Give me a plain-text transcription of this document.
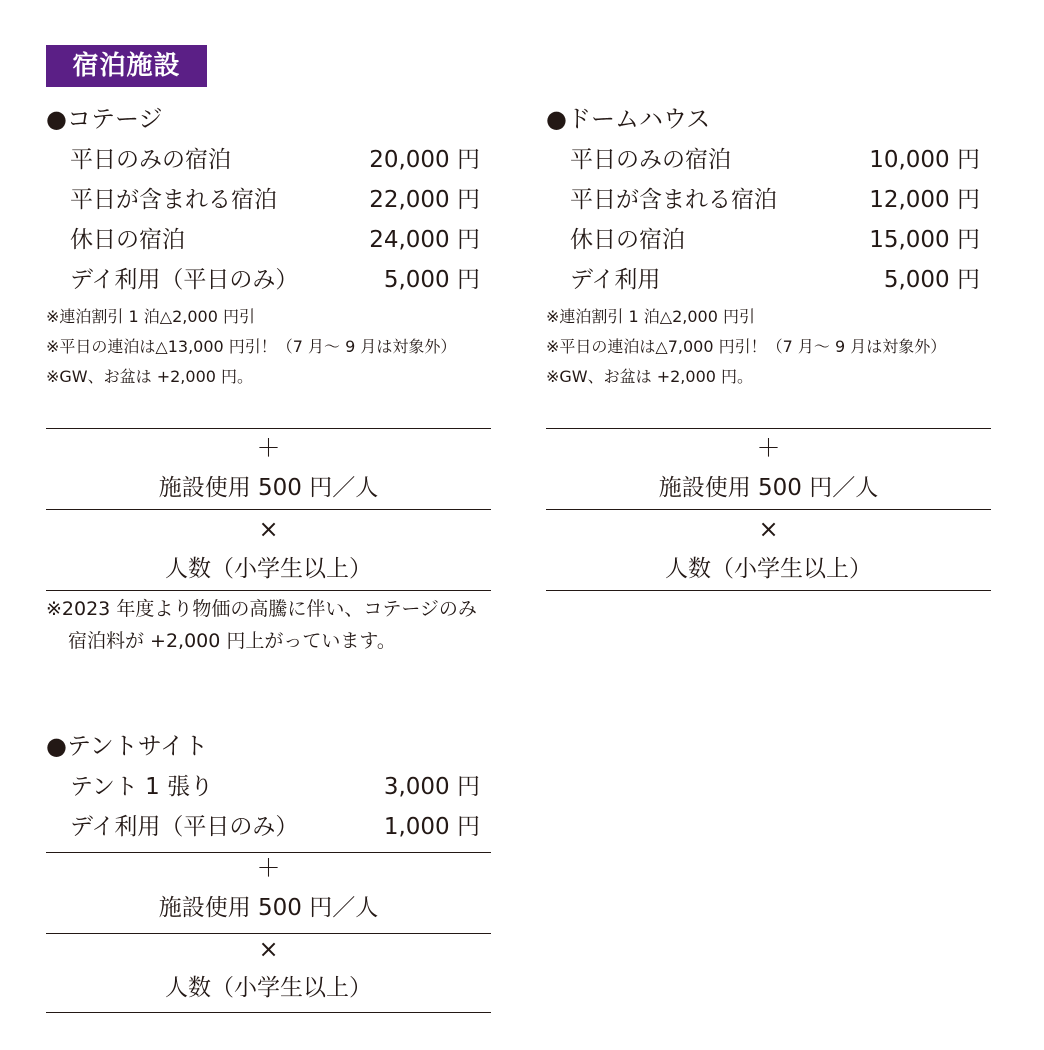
宿泊施設
●コテージ
平日のみの宿泊	20,000 円
平日が含まれる宿泊	22,000 円
休日の宿泊	24,000 円
デイ利用（平日のみ）	5,000 円
※連泊割引 1 泊△2,000 円引
※平日の連泊は△13,000 円引！（7 月～ 9 月は対象外）
※GW、お盆は +2,000 円。
●ドームハウス
平日のみの宿泊	10,000 円
平日が含まれる宿泊	12,000 円
休日の宿泊	15,000 円
デイ利用	5,000 円
※連泊割引 1 泊△2,000 円引
※平日の連泊は△7,000 円引！（7 月～ 9 月は対象外）
※GW、お盆は +2,000 円。
＋
施設使用 500 円／人
×
人数（小学生以上）
＋
施設使用 500 円／人
×
人数（小学生以上）
※2023 年度より物価の高騰に伴い、コテージのみ
宿泊料が +2,000 円上がっています。
●テントサイト
テント 1 張り	3,000 円
デイ利用（平日のみ）	1,000 円
＋
施設使用 500 円／人
×
人数（小学生以上）
